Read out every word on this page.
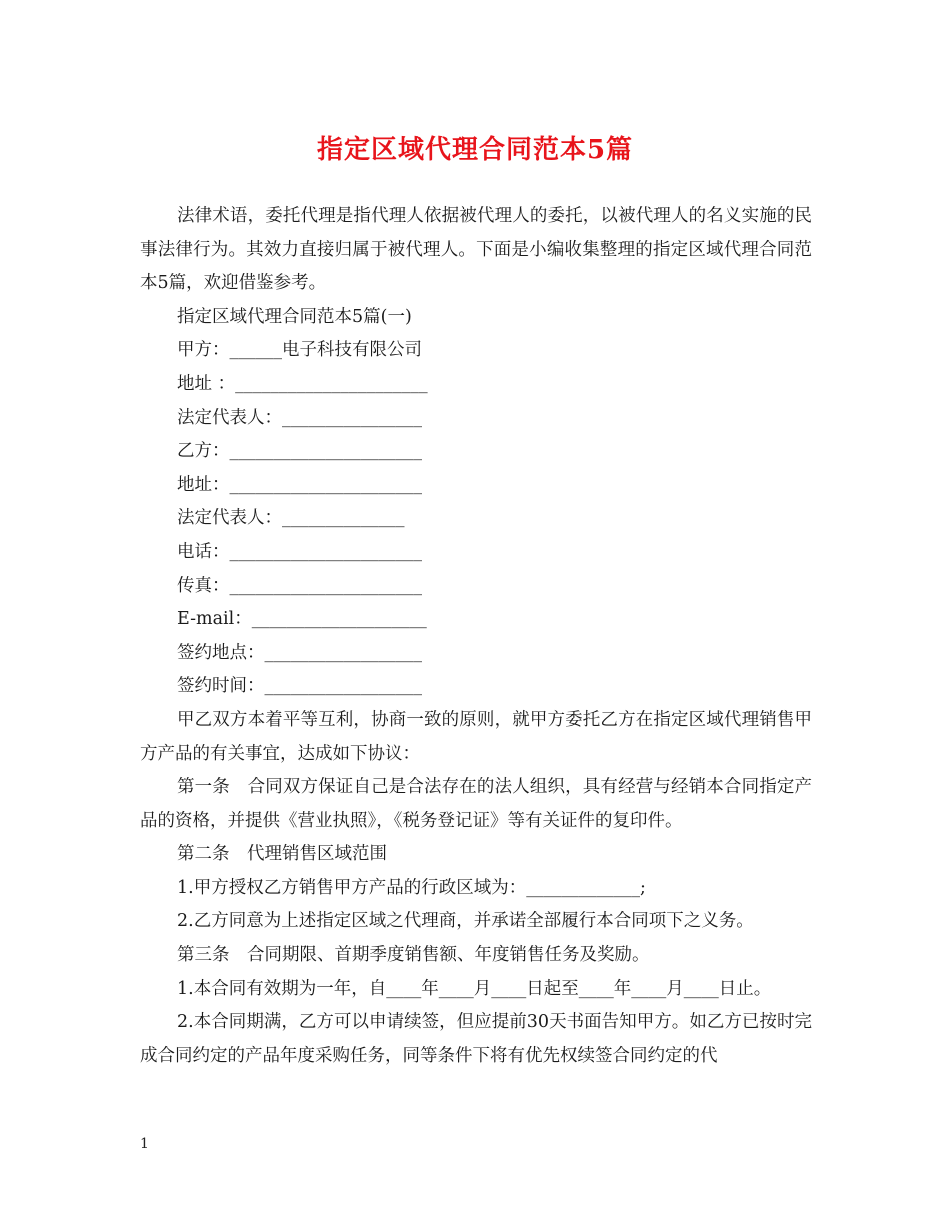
指定区域代理合同范本5篇

法律术语，委托代理是指代理人依据被代理人的委托，以被代理人的名义实施的民事法律行为。其效力直接归属于被代理人。下面是小编收集整理的指定区域代理合同范本5篇，欢迎借鉴参考。

指定区域代理合同范本5篇(一)

甲方：______电子科技有限公司

地址 ：______________________

法定代表人：________________

乙方：______________________

地址：______________________

法定代表人：______________

电话：______________________

传真：______________________

E-mail：____________________

签约地点：__________________

签约时间：__________________

甲乙双方本着平等互利，协商一致的原则，就甲方委托乙方在指定区域代理销售甲方产品的有关事宜，达成如下协议：

第一条　合同双方保证自己是合法存在的法人组织，具有经营与经销本合同指定产品的资格，并提供《营业执照》，《税务登记证》等有关证件的复印件。

第二条　代理销售区域范围

1.甲方授权乙方销售甲方产品的行政区域为：_____________;

2.乙方同意为上述指定区域之代理商，并承诺全部履行本合同项下之义务。

第三条　合同期限、首期季度销售额、年度销售任务及奖励。

1.本合同有效期为一年，自____年____月____日起至____年____月____日止。

2.本合同期满，乙方可以申请续签，但应提前30天书面告知甲方。如乙方已按时完成合同约定的产品年度采购任务，同等条件下将有优先权续签合同约定的代

1
